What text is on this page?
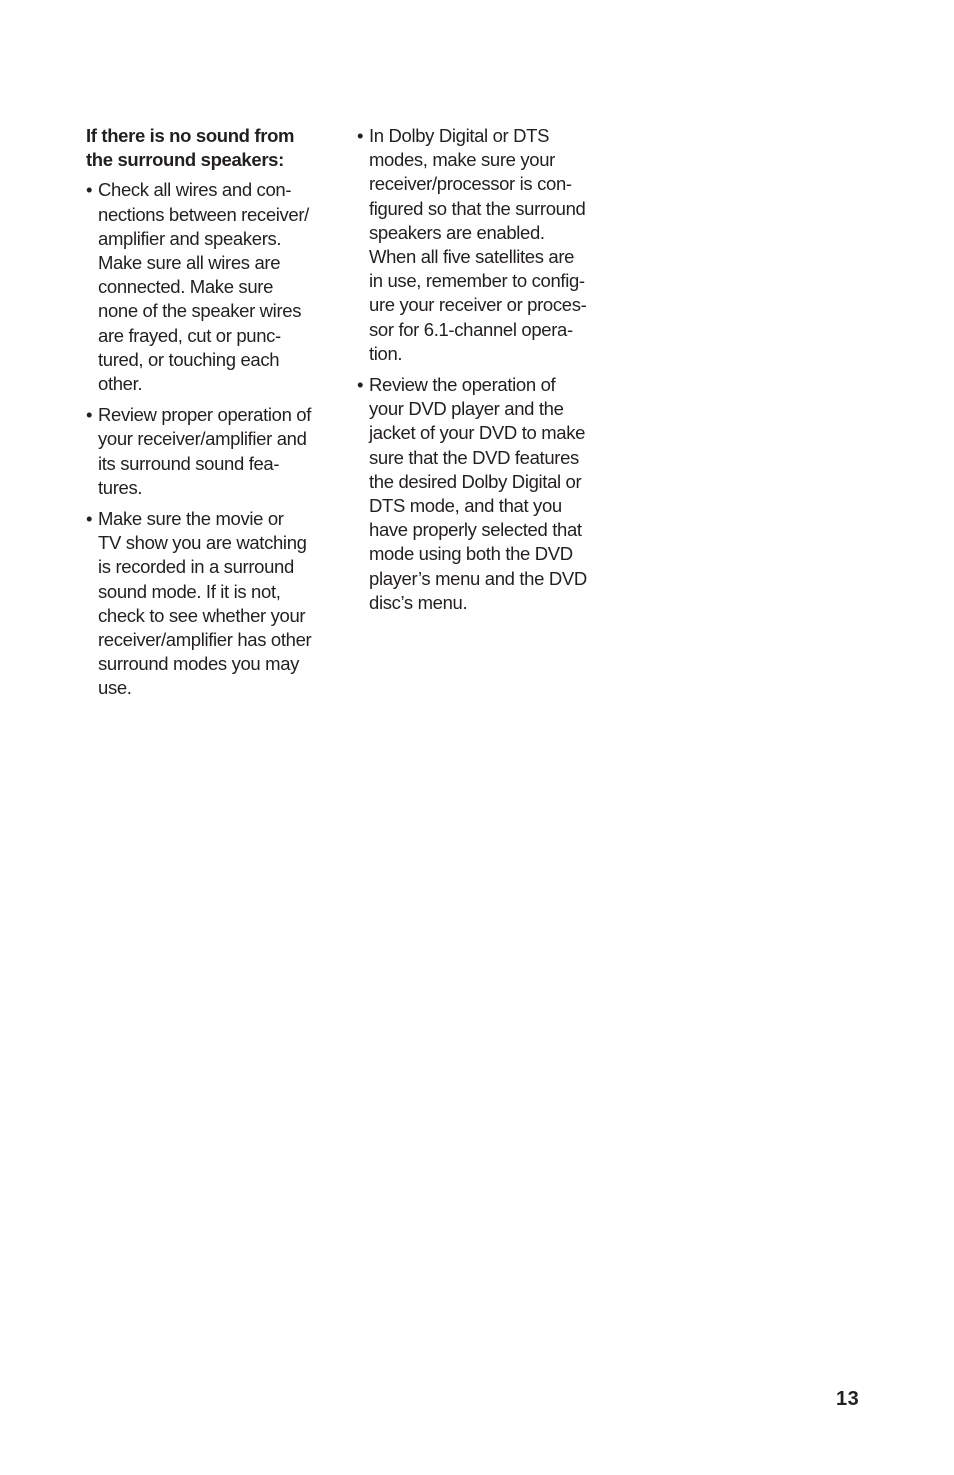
If there is no sound from
the surround speakers:
• Check all wires and con-
nections between receiver/
amplifier and speakers.
Make sure all wires are
connected. Make sure
none of the speaker wires
are frayed, cut or punc-
tured, or touching each
other.
• Review proper operation of
your receiver/amplifier and
its surround sound fea-
tures.
• Make sure the movie or
TV show you are watching
is recorded in a surround
sound mode. If it is not,
check to see whether your
receiver/amplifier has other
surround modes you may
use.
• In Dolby Digital or DTS
modes, make sure your
receiver/processor is con-
figured so that the surround
speakers are enabled.
When all five satellites are
in use, remember to config-
ure your receiver or proces-
sor for 6.1-channel opera-
tion.
• Review the operation of
your DVD player and the
jacket of your DVD to make
sure that the DVD features
the desired Dolby Digital or
DTS mode, and that you
have properly selected that
mode using both the DVD
player’s menu and the DVD
disc’s menu.
13
